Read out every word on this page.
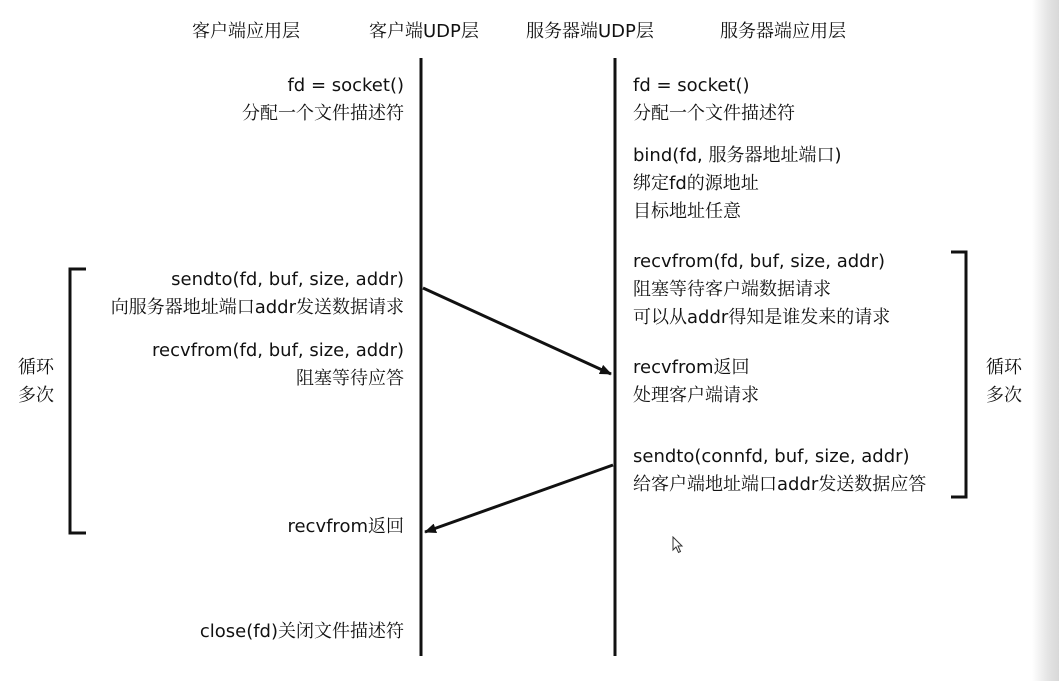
客户端应用层	客户端UDP层	服务器端UDP层	服务器端应用层
fd = socket()
分配一个文件描述符
sendto(fd, buf, size, addr)
向服务器地址端口addr发送数据请求
recvfrom(fd, buf, size, addr)
阻塞等待应答
recvfrom返回
close(fd)关闭文件描述符
循环
多次
fd = socket()
分配一个文件描述符
bind(fd, 服务器地址端口)
绑定fd的源地址
目标地址任意
recvfrom(fd, buf, size, addr)
阻塞等待客户端数据请求
可以从addr得知是谁发来的请求
recvfrom返回
处理客户端请求
sendto(connfd, buf, size, addr)
给客户端地址端口addr发送数据应答
循环
多次
